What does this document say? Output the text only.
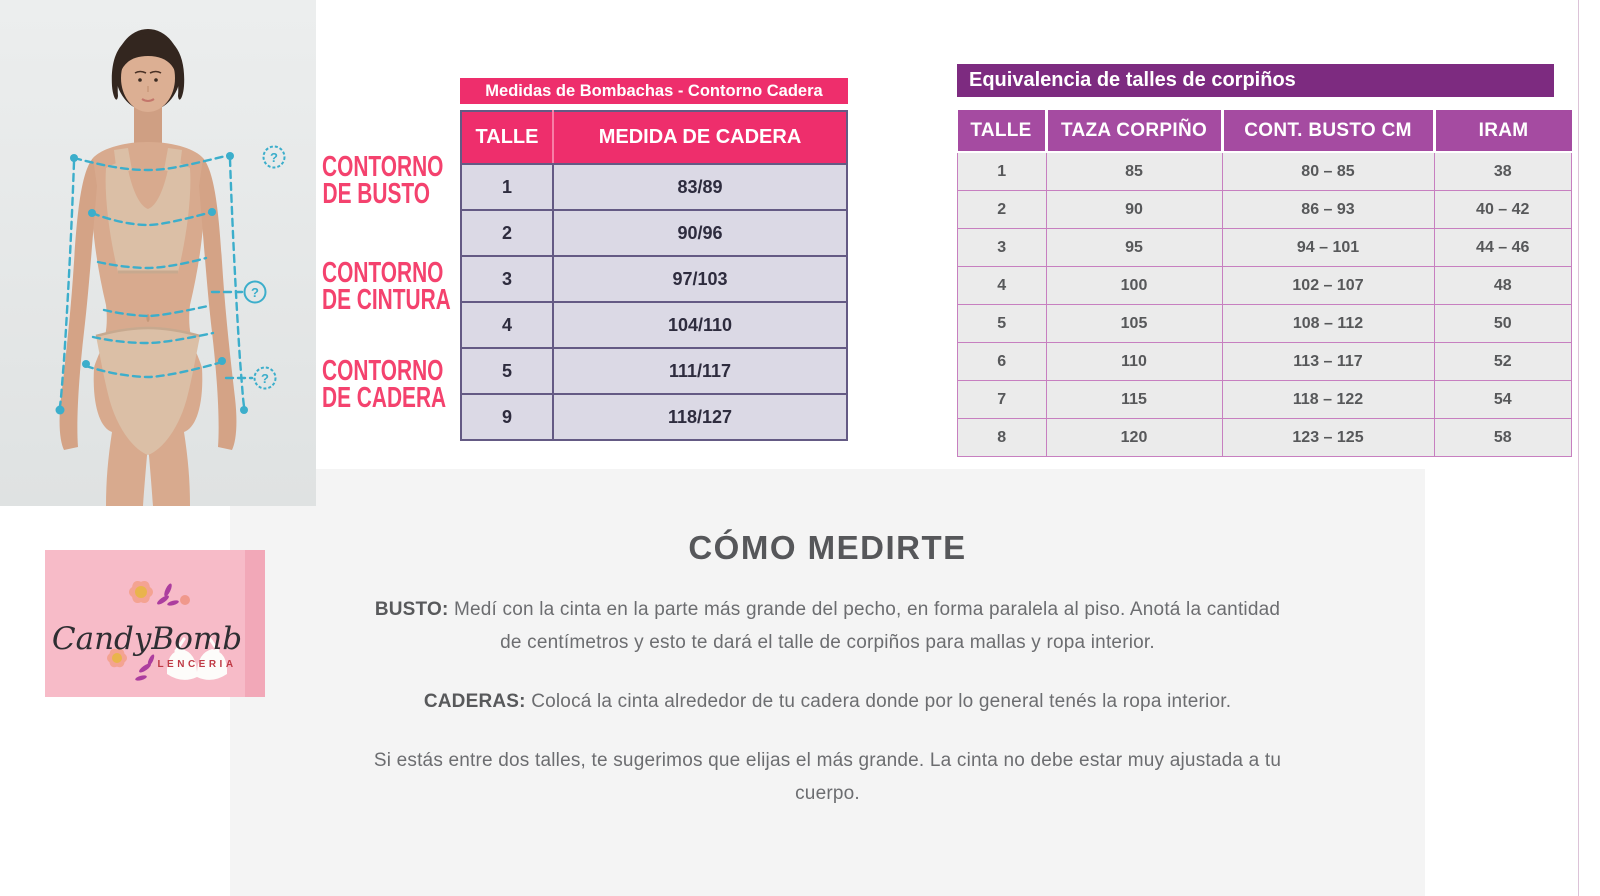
CÓMO MEDIRTE

BUSTO: Medí con la cinta en la parte más grande del pecho, en forma paralela al piso. Anotá la cantidad
de centímetros y esto te dará el talle de corpiños para mallas y ropa interior.

CADERAS: Colocá la cinta alrededor de tu cadera donde por lo general tenés la ropa interior.

Si estás entre dos talles, te sugerimos que elijas el más grande. La cinta no debe estar muy ajustada a tu
cuerpo.

?
?
?
CONTORNO
DE BUSTO
CONTORNO
DE CINTURA
CONTORNO
DE CADERA
Medidas de Bombachas - Contorno Cadera
TALLE	MEDIDA DE CADERA
1	83/89
2	90/96
3	97/103
4	104/110
5	111/117
9	118/127
Equivalencia de talles de corpiños
TALLE	TAZA CORPIÑO	CONT. BUSTO CM	IRAM
1	85	80 – 85	38
2	90	86 – 93	40 – 42
3	95	94 – 101	44 – 46
4	100	102 – 107	48
5	105	108 – 112	50
6	110	113 – 117	52
7	115	118 – 122	54
8	120	123 – 125	58
CandyBomb
LENCERIA
